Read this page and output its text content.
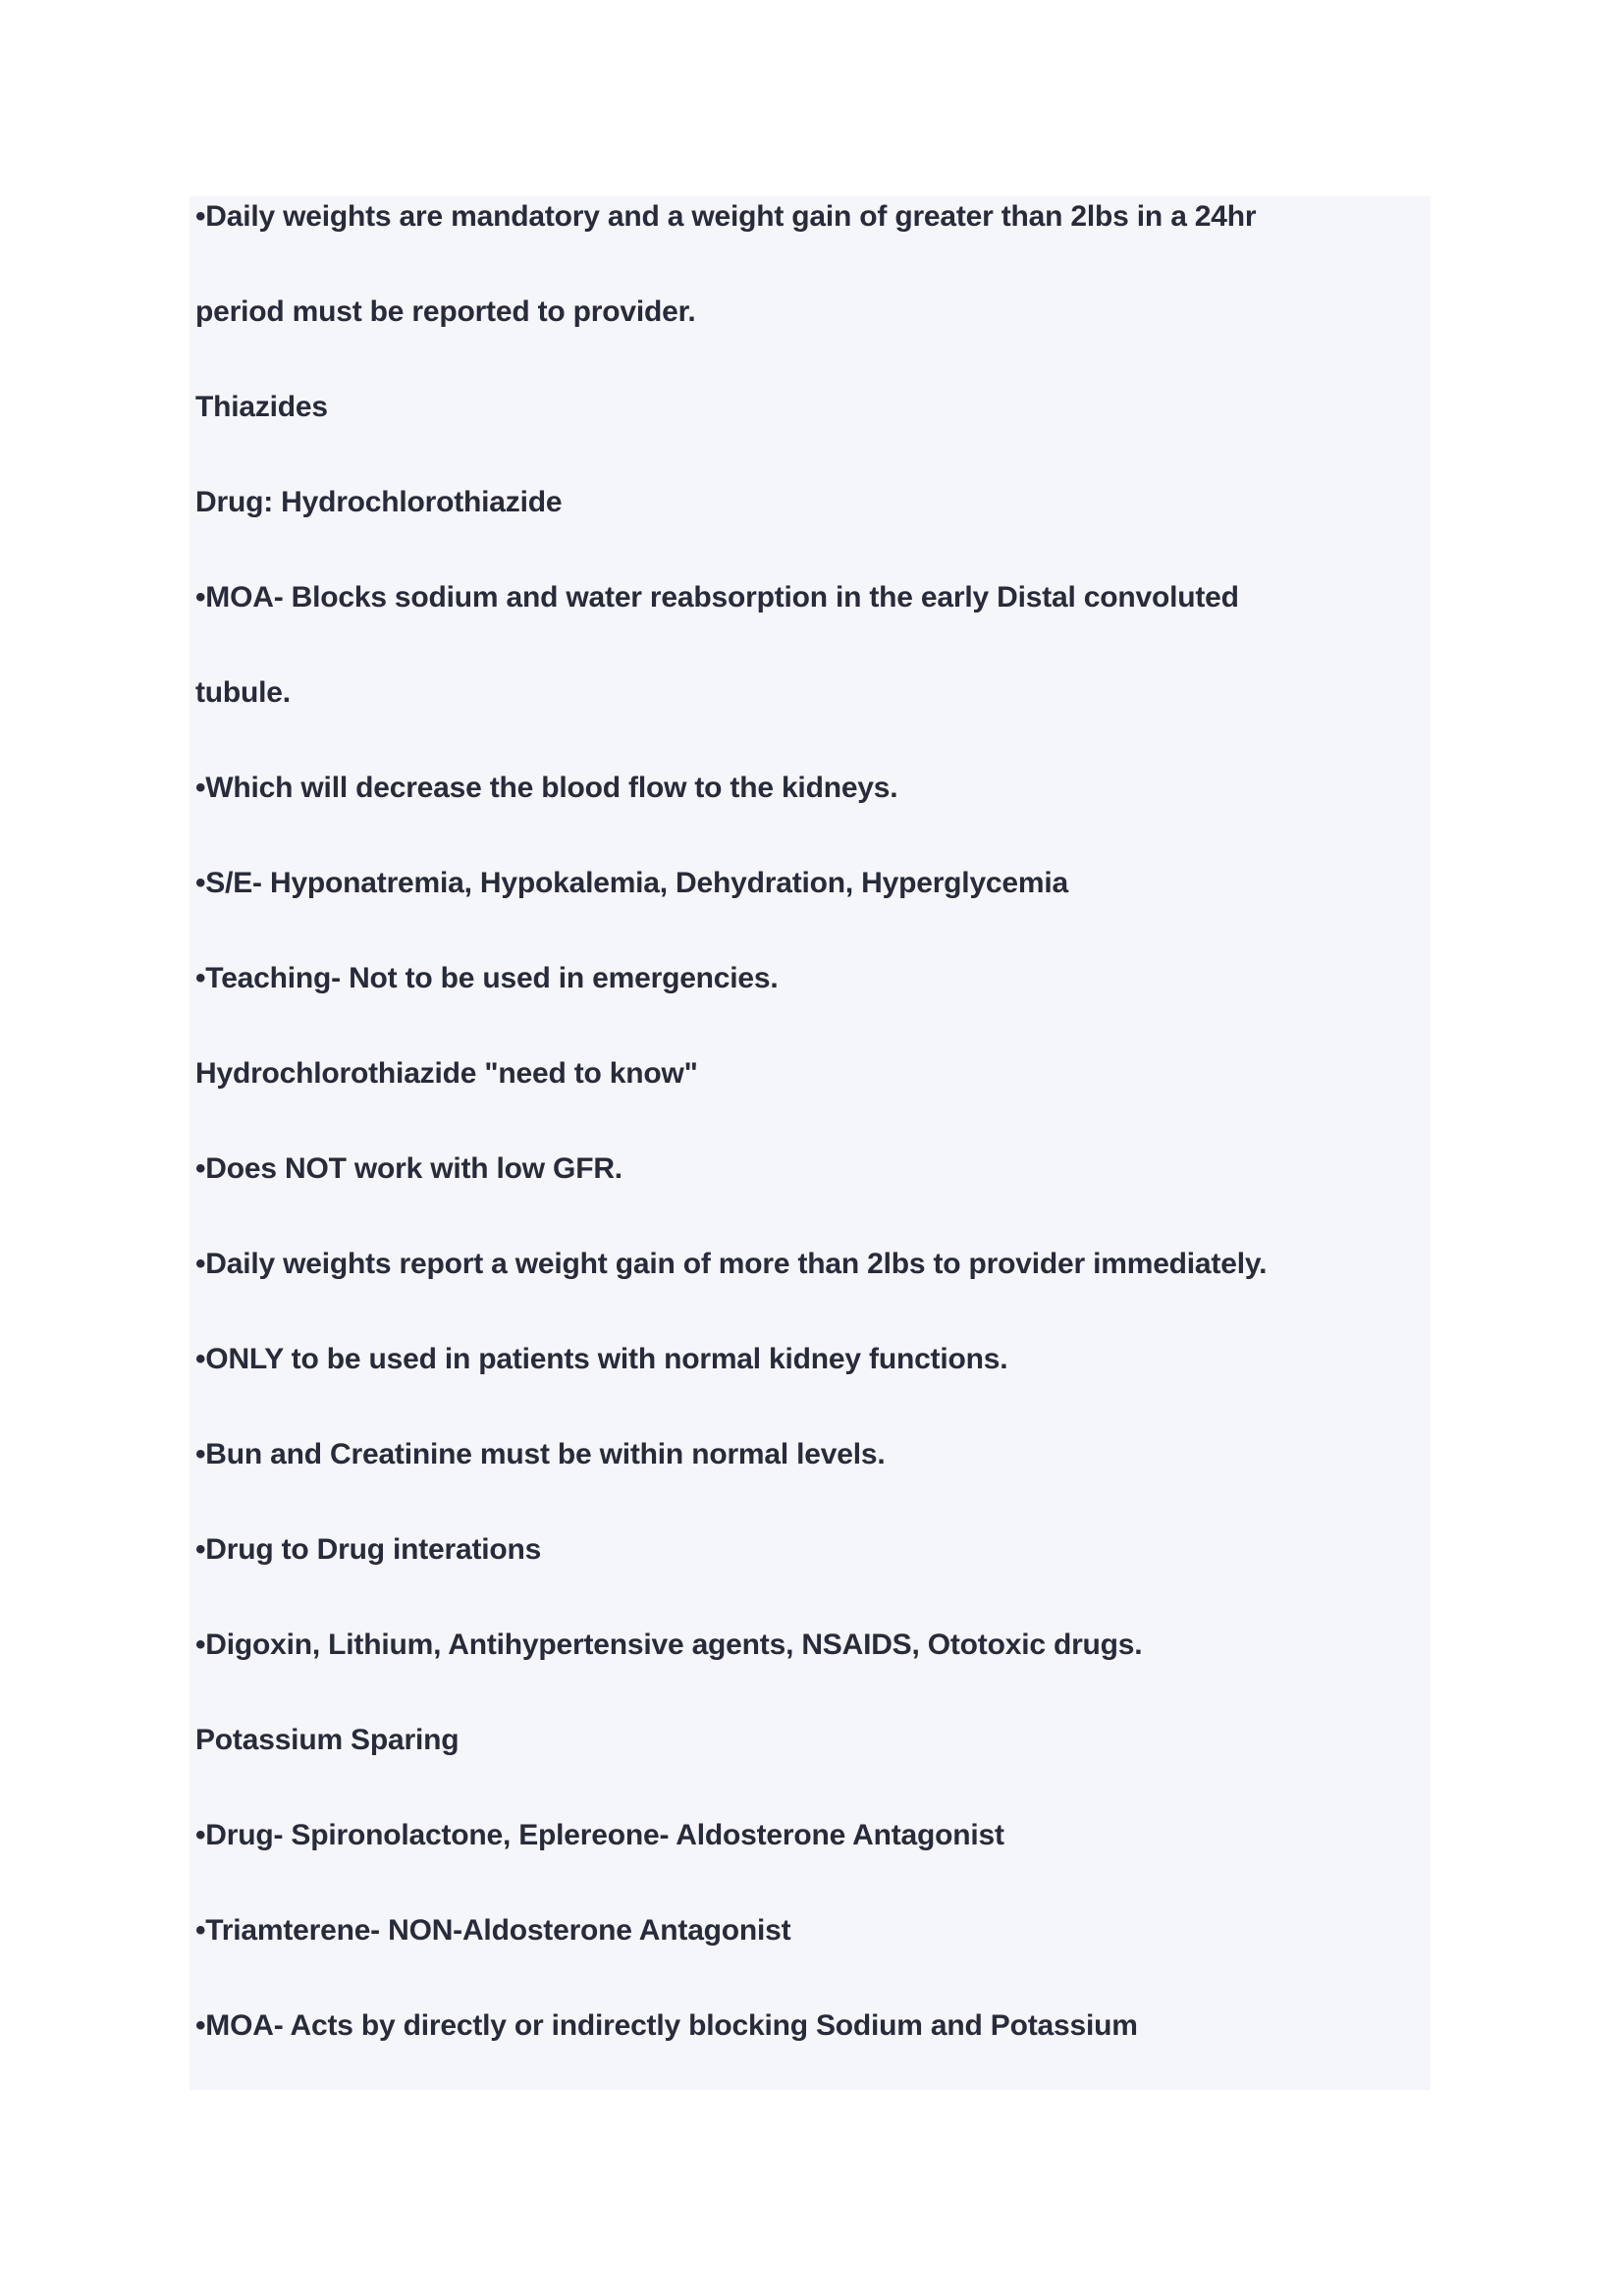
•Daily weights are mandatory and a weight gain of greater than 2lbs in a 24hr
period must be reported to provider.
Thiazides
Drug: Hydrochlorothiazide
•MOA- Blocks sodium and water reabsorption in the early Distal convoluted
tubule.
•Which will decrease the blood flow to the kidneys.
•S/E- Hyponatremia, Hypokalemia, Dehydration, Hyperglycemia
•Teaching- Not to be used in emergencies.
Hydrochlorothiazide "need to know"
•Does NOT work with low GFR.
•Daily weights report a weight gain of more than 2lbs to provider immediately.
•ONLY to be used in patients with normal kidney functions.
•Bun and Creatinine must be within normal levels.
•Drug to Drug interations
•Digoxin, Lithium, Antihypertensive agents, NSAIDS, Ototoxic drugs.
Potassium Sparing
•Drug- Spironolactone, Eplereone- Aldosterone Antagonist
•Triamterene- NON-Aldosterone Antagonist
•MOA- Acts by directly or indirectly blocking Sodium and Potassium
